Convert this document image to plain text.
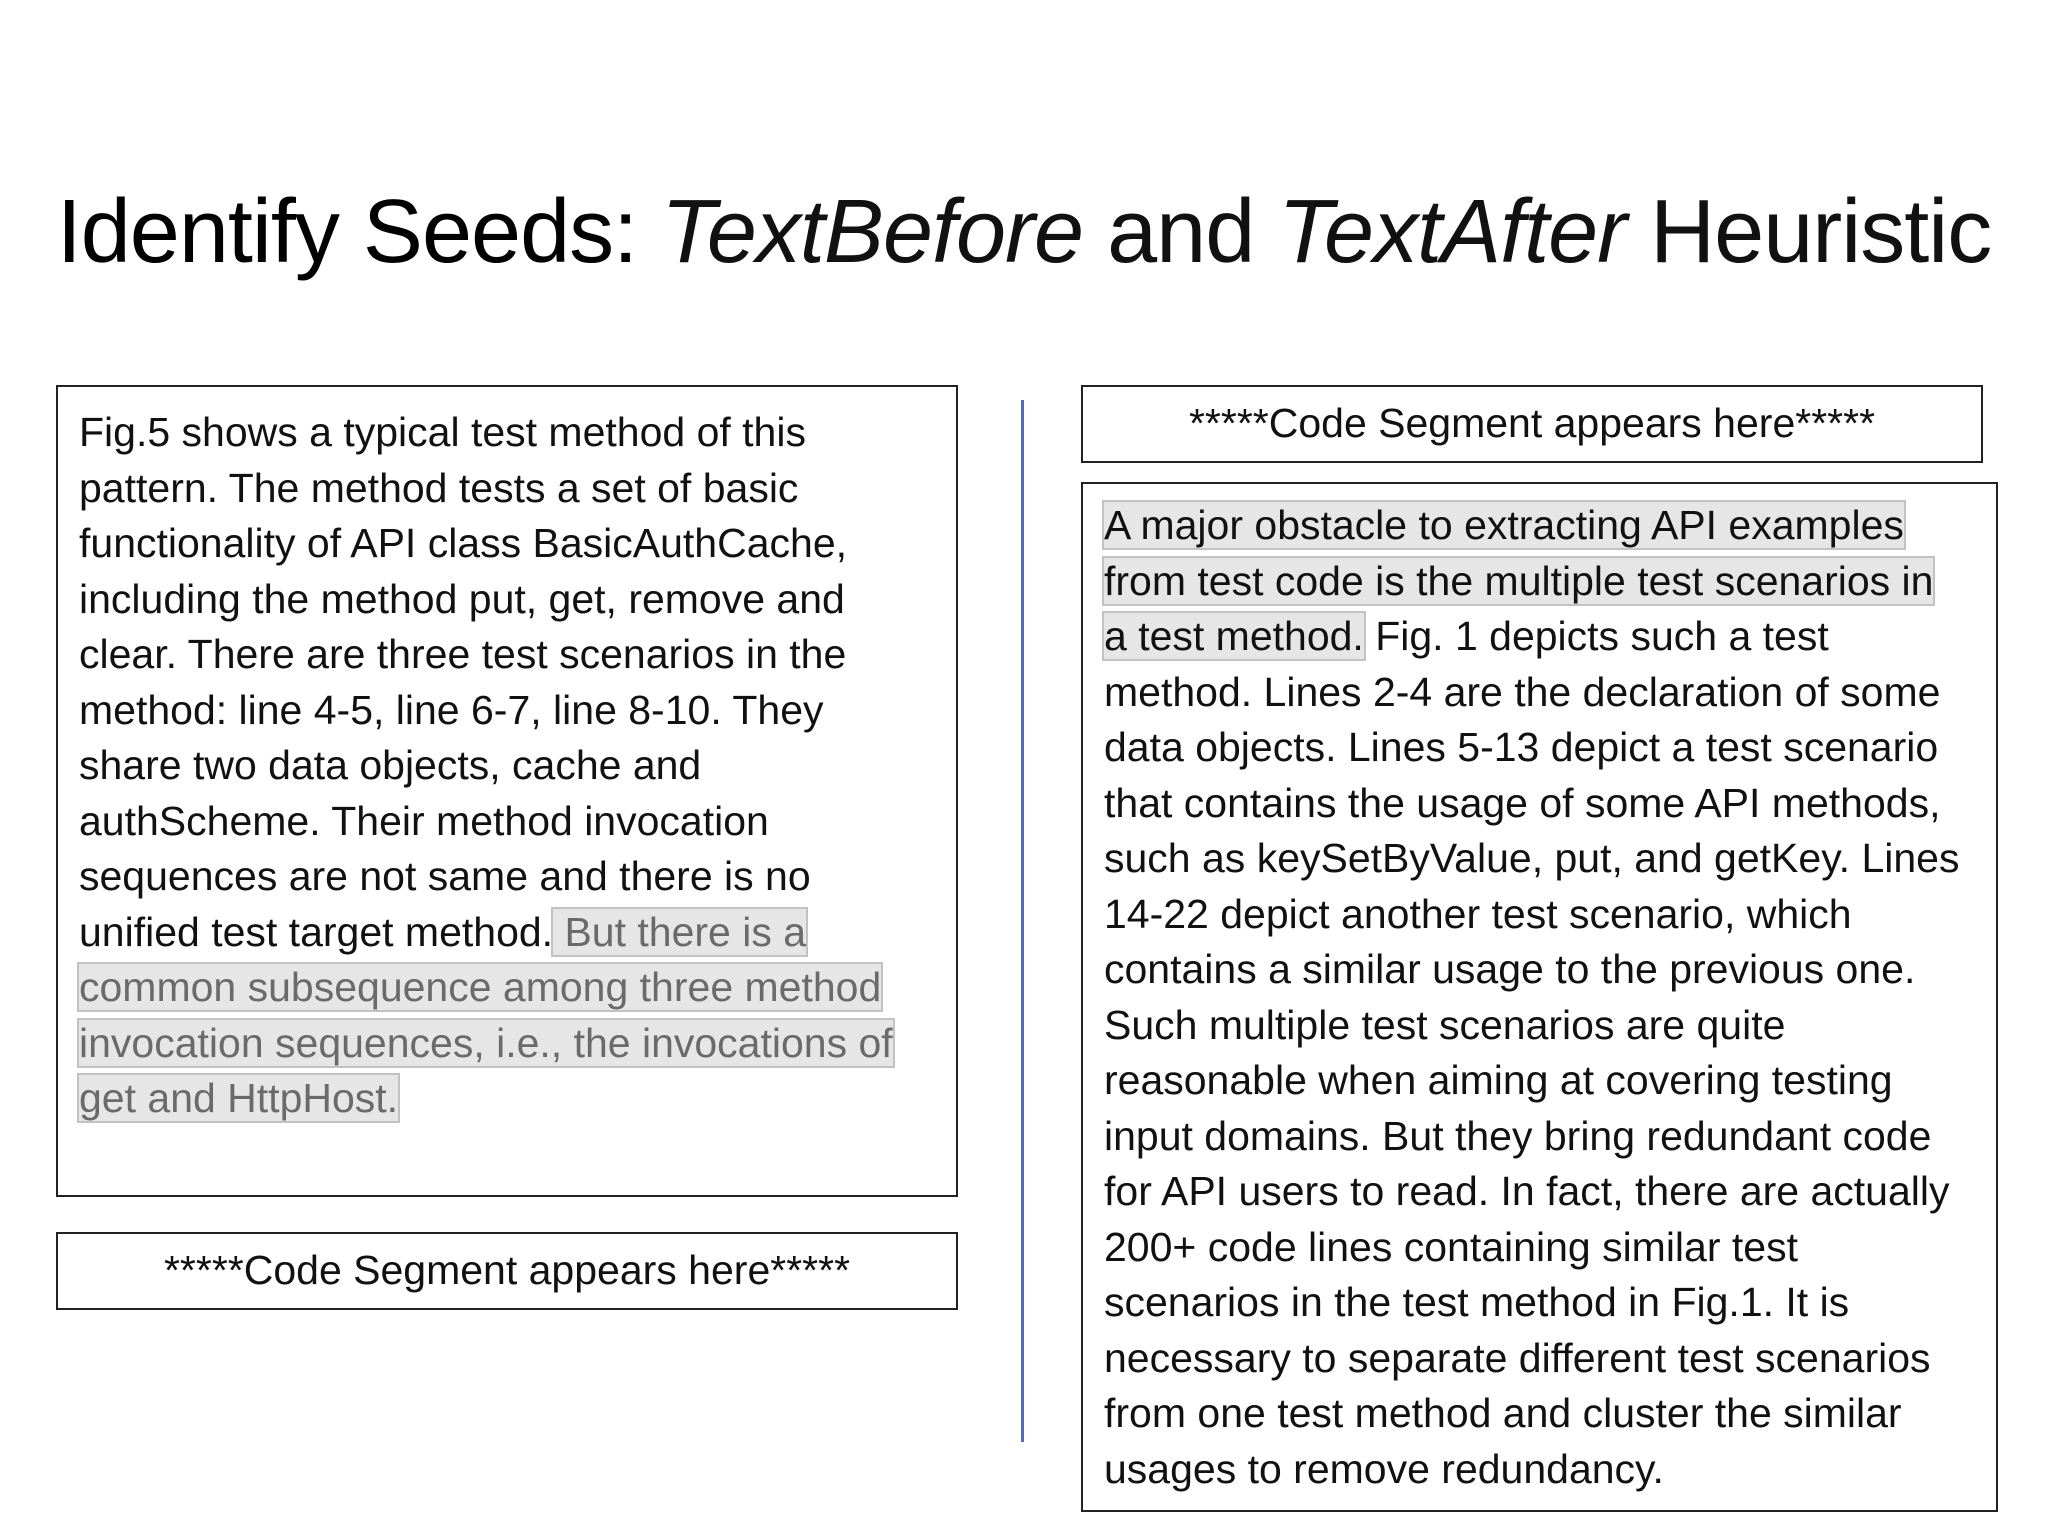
Identify Seeds: TextBefore and TextAfter Heuristic

Fig.5 shows a typical test method of this
pattern. The method tests a set of basic
functionality of API class BasicAuthCache,
including the method put, get, remove and
clear. There are three test scenarios in the
method: line 4-5, line 6-7, line 8-10. They
share two data objects, cache and
authScheme. Their method invocation
sequences are not same and there is no
unified test target method. But there is a
common subsequence among three method
invocation sequences, i.e., the invocations of
get and HttpHost.

*****Code Segment appears here*****
*****Code Segment appears here*****

A major obstacle to extracting API examples
from test code is the multiple test scenarios in
a test method. Fig. 1 depicts such a test
method. Lines 2-4 are the declaration of some
data objects. Lines 5-13 depict a test scenario
that contains the usage of some API methods,
such as keySetByValue, put, and getKey. Lines
14-22 depict another test scenario, which
contains a similar usage to the previous one.
Such multiple test scenarios are quite
reasonable when aiming at covering testing
input domains. But they bring redundant code
for API users to read. In fact, there are actually
200+ code lines containing similar test
scenarios in the test method in Fig.1. It is
necessary to separate different test scenarios
from one test method and cluster the similar
usages to remove redundancy.
